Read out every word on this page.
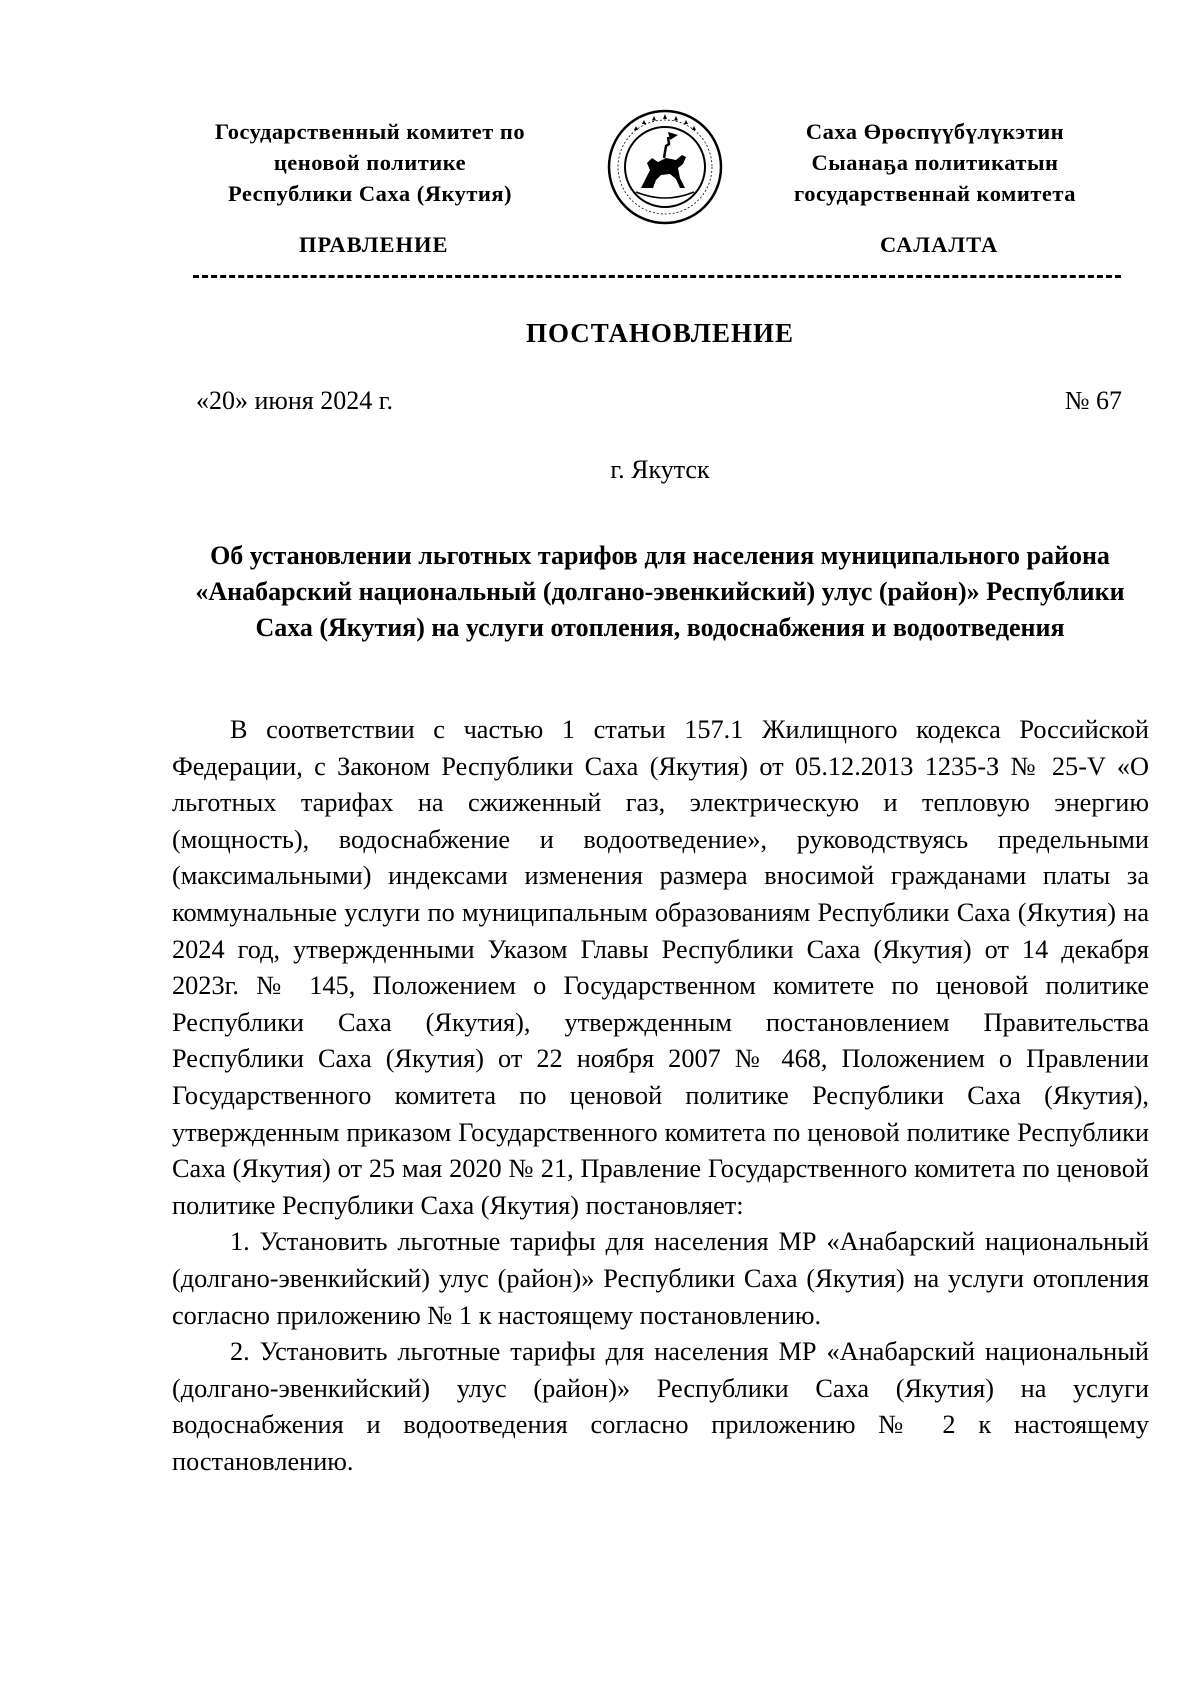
Государственный комитет по
ценовой политике
Республики Саха (Якутия)
Саха Өрөспүүбүлүкэтин
Сыанаҕа политикатын
государственнай комитета
ПРАВЛЕНИЕ	САЛАЛТА
ПОСТАНОВЛЕНИЕ
«20» июня 2024 г.	№ 67
г. Якутск
Об установлении льготных тарифов для населения муниципального района «Анабарский национальный (долгано-эвенкийский) улус (район)» Республики Саха (Якутия) на услуги отопления, водоснабжения и водоотведения

В соответствии с частью 1 статьи 157.1 Жилищного кодекса Российской Федерации, с Законом Республики Саха (Якутия) от 05.12.2013 1235-З № 25-V «О льготных тарифах на сжиженный газ, электрическую и тепловую энергию (мощность), водоснабжение и водоотведение», руководствуясь предельными (максимальными) индексами изменения размера вносимой гражданами платы за коммунальные услуги по муниципальным образованиям Республики Саха (Якутия) на 2024 год, утвержденными Указом Главы Республики Саха (Якутия) от 14 декабря 2023г. № 145, Положением о Государственном комитете по ценовой политике Республики Саха (Якутия), утвержденным постановлением Правительства Республики Саха (Якутия) от 22 ноября 2007 № 468, Положением о Правлении Государственного комитета по ценовой политике Республики Саха (Якутия), утвержденным приказом Государственного комитета по ценовой политике Республики Саха (Якутия) от 25 мая 2020 № 21, Правление Государственного комитета по ценовой политике Республики Саха (Якутия) постановляет:

1. Установить льготные тарифы для населения МР «Анабарский национальный (долгано-эвенкийский) улус (район)» Республики Саха (Якутия) на услуги отопления согласно приложению № 1 к настоящему постановлению.

2. Установить льготные тарифы для населения МР «Анабарский национальный (долгано-эвенкийский) улус (район)» Республики Саха (Якутия) на услуги водоснабжения и водоотведения согласно приложению № 2 к настоящему постановлению.
